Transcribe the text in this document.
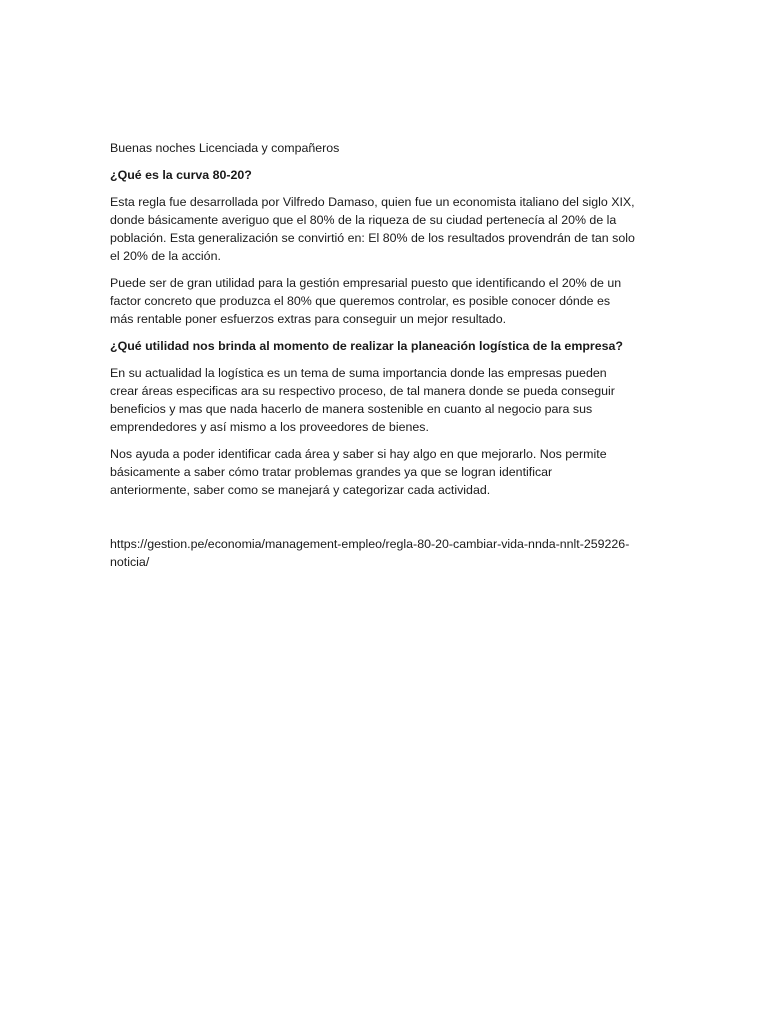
Buenas noches Licenciada y compañeros

¿Qué es la curva 80-20?

Esta regla fue desarrollada por Vilfredo Damaso, quien fue un economista italiano del siglo XIX, donde básicamente averiguo que el 80% de la riqueza de su ciudad pertenecía al 20% de la población. Esta generalización se convirtió en: El 80% de los resultados provendrán de tan solo el 20% de la acción.

Puede ser de gran utilidad para la gestión empresarial puesto que identificando el 20% de un factor concreto que produzca el 80% que queremos controlar, es posible conocer dónde es más rentable poner esfuerzos extras para conseguir un mejor resultado.

¿Qué utilidad nos brinda al momento de realizar la planeación logística de la empresa?

En su actualidad la logística es un tema de suma importancia donde las empresas pueden crear áreas especificas ara su respectivo proceso, de tal manera donde se pueda conseguir beneficios y mas que nada hacerlo de manera sostenible en cuanto al negocio para sus emprendedores y así mismo a los proveedores de bienes.

Nos ayuda a poder identificar cada área y saber si hay algo en que mejorarlo. Nos permite básicamente a saber cómo tratar problemas grandes ya que se logran identificar anteriormente, saber como se manejará y categorizar cada actividad.

https://gestion.pe/economia/management-empleo/regla-80-20-cambiar-vida-nnda-nnlt-259226-noticia/
